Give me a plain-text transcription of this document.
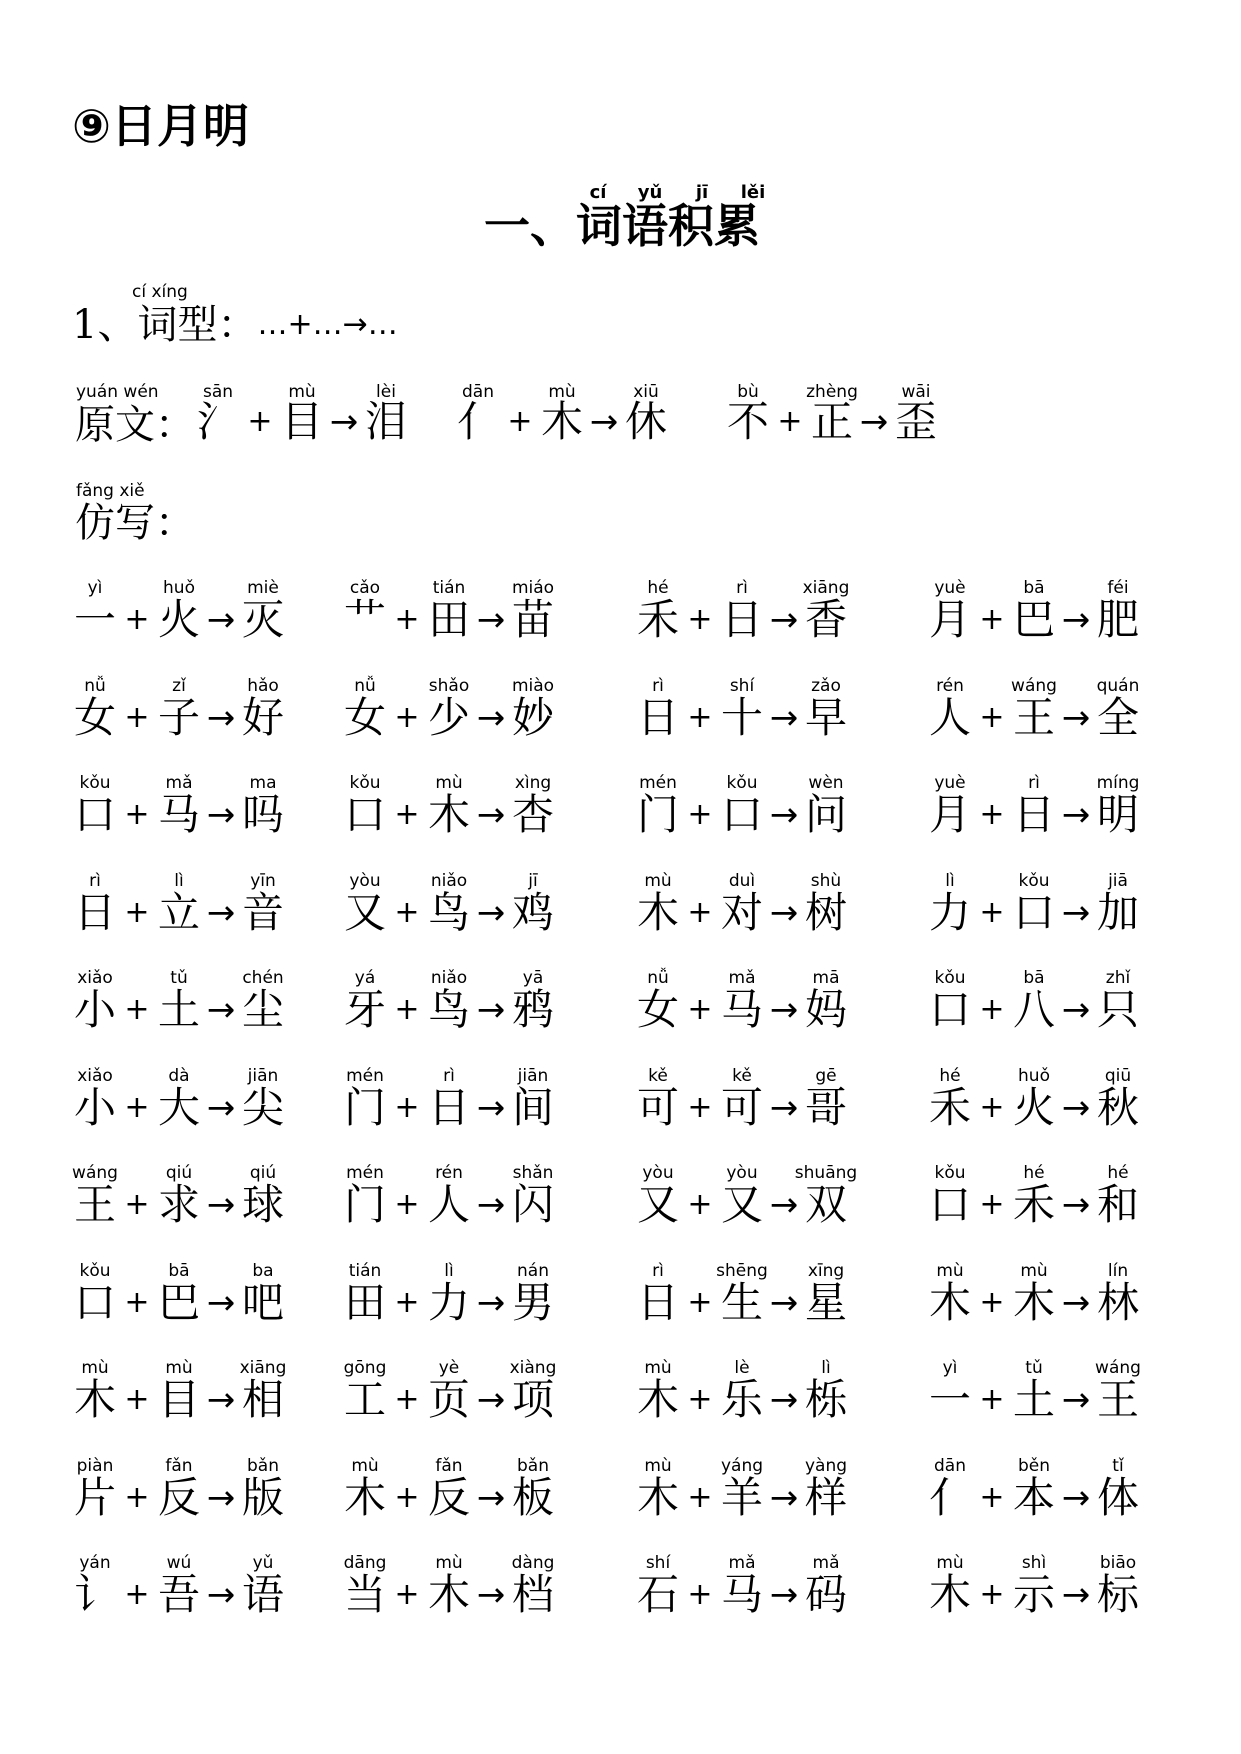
⑨日月明
cí yǔ jī lěi
一、词语积累
cí xíng
1、词型：…+…→…
yuán wén
原文：
sān
氵
mù
目
lèi
泪
+ →
dān
亻
mù
木
xiū
休
+ →
bù
不
zhèng
正
wāi
歪
+ →
fǎng xiě
仿写：
yì
一
huǒ
火
miè
灭
+ →
cǎo
艹
tián
田
miáo
苗
+ →
hé
禾
rì
日
xiāng
香
+ →
yuè
月
bā
巴
féi
肥
+ →
nǚ
女
zǐ
子
hǎo
好
+ →
nǚ
女
shǎo
少
miào
妙
+ →
rì
日
shí
十
zǎo
早
+ →
rén
人
wáng
王
quán
全
+ →
kǒu
口
mǎ
马
ma
吗
+ →
kǒu
口
mù
木
xìng
杏
+ →
mén
门
kǒu
口
wèn
问
+ →
yuè
月
rì
日
míng
明
+ →
rì
日
lì
立
yīn
音
+ →
yòu
又
niǎo
鸟
jī
鸡
+ →
mù
木
duì
对
shù
树
+ →
lì
力
kǒu
口
jiā
加
+ →
xiǎo
小
tǔ
土
chén
尘
+ →
yá
牙
niǎo
鸟
yā
鸦
+ →
nǚ
女
mǎ
马
mā
妈
+ →
kǒu
口
bā
八
zhǐ
只
+ →
xiǎo
小
dà
大
jiān
尖
+ →
mén
门
rì
日
jiān
间
+ →
kě
可
kě
可
gē
哥
+ →
hé
禾
huǒ
火
qiū
秋
+ →
wáng
王
qiú
求
qiú
球
+ →
mén
门
rén
人
shǎn
闪
+ →
yòu
又
yòu
又
shuāng
双
+ →
kǒu
口
hé
禾
hé
和
+ →
kǒu
口
bā
巴
ba
吧
+ →
tián
田
lì
力
nán
男
+ →
rì
日
shēng
生
xīng
星
+ →
mù
木
mù
木
lín
林
+ →
mù
木
mù
目
xiāng
相
+ →
gōng
工
yè
页
xiàng
项
+ →
mù
木
lè
乐
lì
栎
+ →
yì
一
tǔ
土
wáng
王
+ →
piàn
片
fǎn
反
bǎn
版
+ →
mù
木
fǎn
反
bǎn
板
+ →
mù
木
yáng
羊
yàng
样
+ →
dān
亻
běn
本
tǐ
体
+ →
yán
讠
wú
吾
yǔ
语
+ →
dāng
当
mù
木
dàng
档
+ →
shí
石
mǎ
马
mǎ
码
+ →
mù
木
shì
示
biāo
标
+ →
